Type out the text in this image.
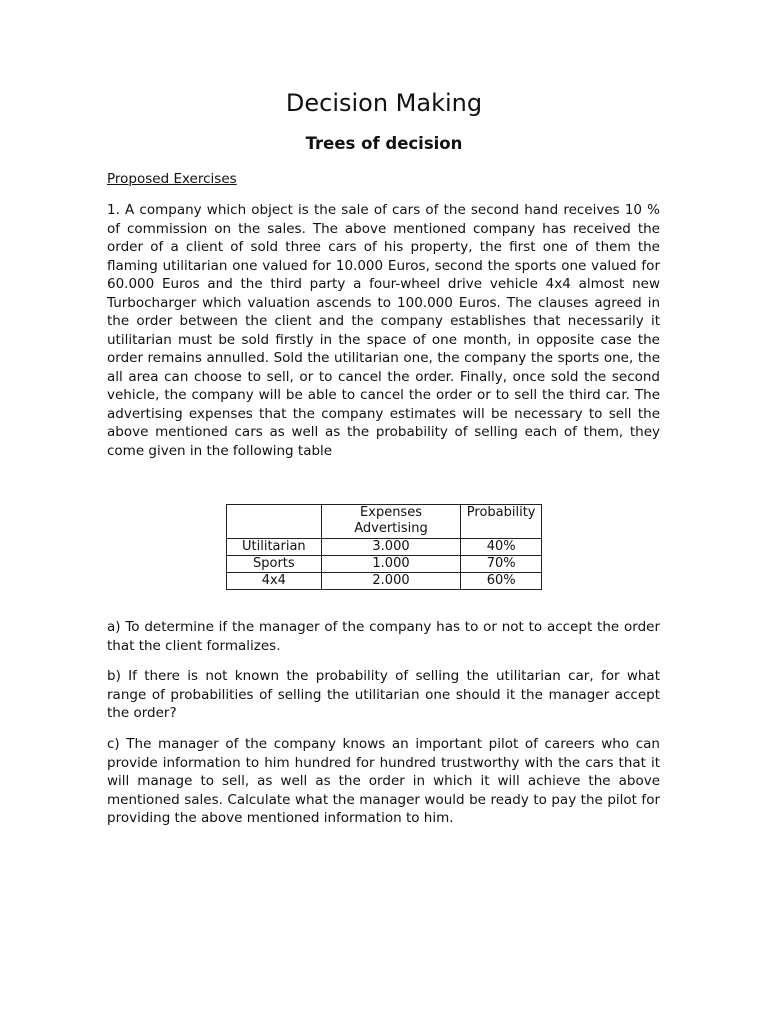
Decision Making
Trees of decision

Proposed Exercises

1. A company which object is the sale of cars of the second hand receives 10 % of commission on the sales. The above mentioned company has received the order of a client of sold three cars of his property, the first one of them the flaming utilitarian one valued for 10.000 Euros, second the sports one valued for 60.000 Euros and the third party a four-wheel drive vehicle 4x4 almost new Turbocharger which valuation ascends to 100.000 Euros. The clauses agreed in the order between the client and the company establishes that necessarily it utilitarian must be sold firstly in the space of one month, in opposite case the order remains annulled. Sold the utilitarian one, the company the sports one, the all area can choose to sell, or to cancel the order. Finally, once sold the second vehicle, the company will be able to cancel the order or to sell the third car. The advertising expenses that the company estimates will be necessary to sell the above mentioned cars as well as the probability of selling each of them, they come given in the following table

	Expenses Advertising	Probability

Utilitarian	3.000	40%
Sports	1.000	70%
4x4	2.000	60%

a) To determine if the manager of the company has to or not to accept the order that the client formalizes.

b) If there is not known the probability of selling the utilitarian car, for what range of probabilities of selling the utilitarian one should it the manager accept the order?

c) The manager of the company knows an important pilot of careers who can provide information to him hundred for hundred trustworthy with the cars that it will manage to sell, as well as the order in which it will achieve the above mentioned sales. Calculate what the manager would be ready to pay the pilot for providing the above mentioned information to him.
